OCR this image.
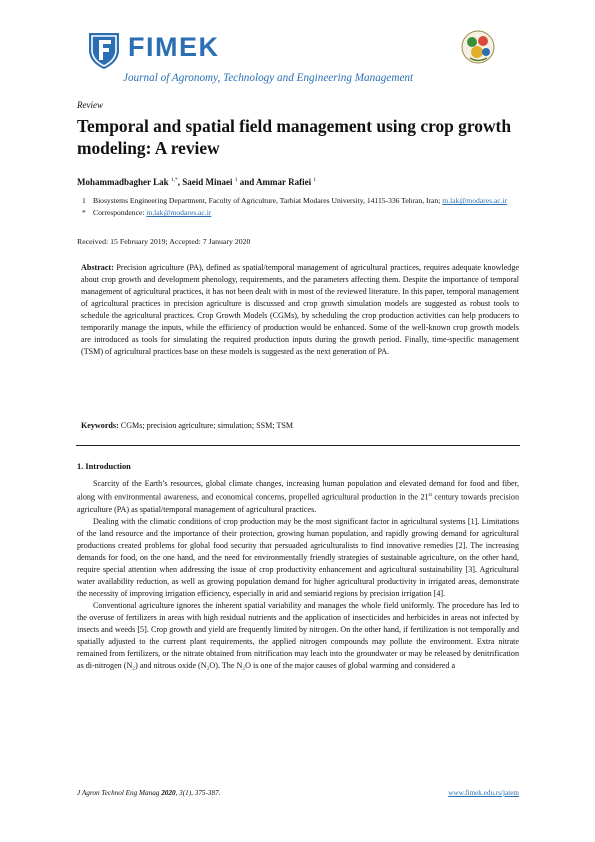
FIMEK
Journal of Agronomy, Technology and Engineering Management
Review
Temporal and spatial field management using crop growth modeling: A review
Mohammadbagher Lak $^{1,*}$, Saeid Minaei $^1$ and Ammar Rafiei $^1$
1 Biosystems Engineering Department, Faculty of Agriculture, Tarbiat Modares University, 14115-336 Tehran, Iran; m.lak@modares.ac.ir
* Correspondence: m.lak@modares.ac.ir
Received: 15 February 2019; Accepted: 7 January 2020

Abstract: Precision agriculture (PA), defined as spatial/temporal management of agricultural practices, requires adequate knowledge about crop growth and development phenology, requirements, and the parameters affecting them. Despite the importance of temporal management of agricultural practices, it has not been dealt with in most of the reviewed literature. In this paper, temporal management of agricultural practices in precision agriculture is discussed and crop growth simulation models are suggested as robust tools to schedule the agricultural practices. Crop Growth Models (CGMs), by scheduling the crop production activities can help producers to temporarily manage the inputs, while the efficiency of production would be enhanced. Some of the well-known crop growth models are introduced as tools for simulating the required production inputs during the growth period. Finally, time-specific management (TSM) of agricultural practices base on these models is suggested as the next generation of PA.

Keywords: CGMs; precision agriculture; simulation; SSM; TSM
1. Introduction

Scarcity of the Earth’s resources, global climate changes, increasing human population and elevated demand for food and fiber, along with environmental awareness, and economical concerns, propelled agricultural production in the 21st century towards precision agriculture (PA) as spatial/temporal management of agricultural practices.

Dealing with the climatic conditions of crop production may be the most significant factor in agricultural systems [1]. Limitations of the land resource and the importance of their protection, growing human population, and rapidly growing demand for agricultural productions created problems for global food security that persuaded agriculturalists to find innovative remedies [2]. The increasing demands for food, on the one hand, and the need for environmentally friendly strategies of sustainable agriculture, on the other hand, require special attention when addressing the issue of crop productivity enhancement and agricultural sustainability [3]. Agricultural water availability reduction, as well as growing population demand for higher agricultural productivity in irrigated areas, demonstrate the necessity of improving irrigation efficiency, especially in arid and semiarid regions by precision irrigation [4].

Conventional agriculture ignores the inherent spatial variability and manages the whole field uniformly. The procedure has led to the overuse of fertilizers in areas with high residual nutrients and the application of insecticides and herbicides in areas not infected by insects and weeds [5]. Crop growth and yield are frequently limited by nitrogen. On the other hand, if fertilization is not temporally and spatially adjusted to the current plant requirements, the applied nitrogen compounds may pollute the environment. Extra nitrate remained from fertilizers, or the nitrate obtained from nitrification may leach into the groundwater or may be released by denitrification as di-nitrogen (N₂) and nitrous oxide (N₂O). The N₂O is one of the major causes of global warming and considered a

J Agron Technol Eng Manag 2020, 3(1), 375-387.	www.fimek.edu.rs/jatem
